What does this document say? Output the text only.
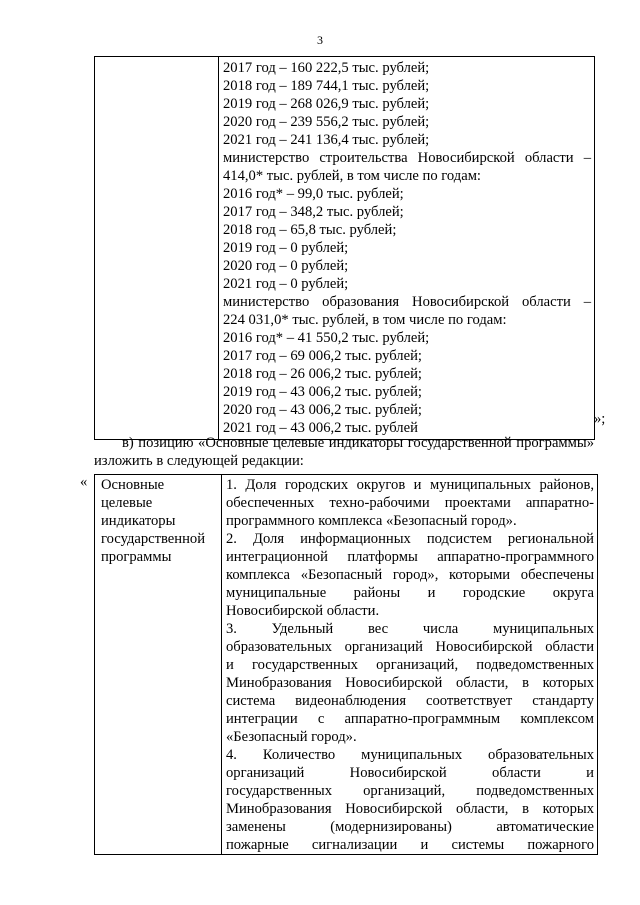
3

2017 год – 160 222,5 тыс. рублей;
2018 год – 189 744,1 тыс. рублей;
2019 год – 268 026,9 тыс. рублей;
2020 год – 239 556,2 тыс. рублей;
2021 год – 241 136,4 тыс. рублей;
министерство строительства Новосибирской области –
414,0* тыс. рублей, в том числе по годам:
2016 год* – 99,0 тыс. рублей;
2017 год – 348,2 тыс. рублей;
2018 год – 65,8 тыс. рублей;
2019 год – 0 рублей;
2020 год – 0 рублей;
2021 год – 0 рублей;
министерство образования Новосибирской области –
224 031,0* тыс. рублей, в том числе по годам:
2016 год* – 41 550,2 тыс. рублей;
2017 год – 69 006,2 тыс. рублей;
2018 год – 26 006,2 тыс. рублей;
2019 год – 43 006,2 тыс. рублей;
2020 год – 43 006,2 тыс. рублей;
2021 год – 43 006,2 тыс. рублей
»;
в) позицию «Основные целевые индикаторы государственной программы»
изложить в следующей редакции:
« Основные
целевые
индикаторы
государственной
программы

1. Доля городских округов и муниципальных районов,
обеспеченных техно-рабочими проектами аппаратно-
программного комплекса «Безопасный город».
2. Доля информационных подсистем региональной
интеграционной платформы аппаратно-программного
комплекса «Безопасный город», которыми обеспечены
муниципальные районы и городские округа
Новосибирской области.
3. Удельный вес числа муниципальных
образовательных организаций Новосибирской области
и государственных организаций, подведомственных
Минобразования Новосибирской области, в которых
система видеонаблюдения соответствует стандарту
интеграции с аппаратно-программным комплексом
«Безопасный город».
4. Количество муниципальных образовательных
организаций Новосибирской области и
государственных организаций, подведомственных
Минобразования Новосибирской области, в которых
заменены (модернизированы) автоматические
пожарные сигнализации и системы пожарного
